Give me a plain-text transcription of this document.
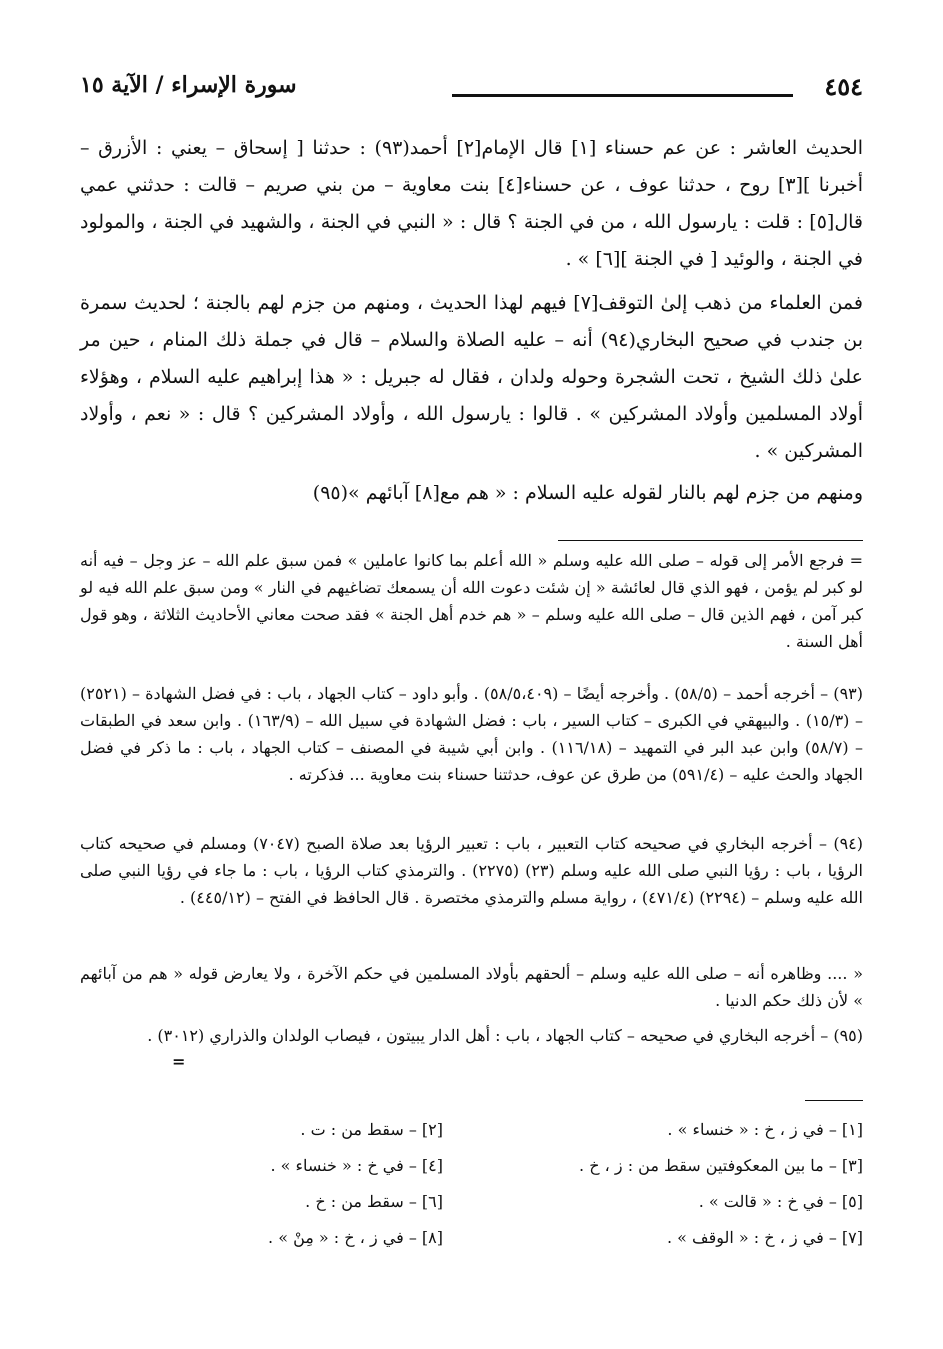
سورة الإسراء / الآية ١٥	٤٥٤

الحديث العاشر : عن عم حسناء [١] قال الإمام[٢] أحمد(٩٣) : حدثنا [ إسحاق – يعني : الأزرق – أخبرنا ][٣] روح ، حدثنا عوف ، عن حسناء[٤] بنت معاوية – من بني صريم – قالت : حدثني عمي قال[٥] : قلت : يارسول الله ، من في الجنة ؟ قال : « النبي في الجنة ، والشهيد في الجنة ، والمولود في الجنة ، والوئيد [ في الجنة ][٦] » .

فمن العلماء من ذهب إلىٰ التوقف[٧] فيهم لهذا الحديث ، ومنهم من جزم لهم بالجنة ؛ لحديث سمرة بن جندب في صحيح البخاري(٩٤) أنه – عليه الصلاة والسلام – قال في جملة ذلك المنام ، حين مر علىٰ ذلك الشيخ ، تحت الشجرة وحوله ولدان ، فقال له جبريل : « هذا إبراهيم عليه السلام ، وهؤلاء أولاد المسلمين وأولاد المشركين » . قالوا : يارسول الله ، وأولاد المشركين ؟ قال : « نعم ، وأولاد المشركين » .

ومنهم من جزم لهم بالنار لقوله عليه السلام : « هم مع[٨] آبائهم »(٩٥)

= فرجع الأمر إلى قوله – صلى الله عليه وسلم « الله أعلم بما كانوا عاملين » فمن سبق علم الله – عز وجل – فيه أنه لو كبر لم يؤمن ، فهو الذي قال لعائشة « إن شئت دعوت الله أن يسمعك تضاغيهم في النار » ومن سبق علم الله فيه لو كبر آمن ، فهم الذين قال – صلى الله عليه وسلم – « هم خدم أهل الجنة » فقد صحت معاني الأحاديث الثلاثة ، وهو قول أهل السنة .

(٩٣) – أخرجه أحمد – (٥٨/٥) . وأخرجه أيضًا – (٥٨/٥،٤٠٩) . وأبو داود – كتاب الجهاد ، باب : في فضل الشهادة – (٢٥٢١) – (١٥/٣) . والبيهقي في الكبرى – كتاب السير ، باب : فضل الشهادة في سبيل الله – (١٦٣/٩) . وابن سعد في الطبقات – (٥٨/٧) وابن عبد البر في التمهيد – (١١٦/١٨) . وابن أبي شيبة في المصنف – كتاب الجهاد ، باب : ما ذكر في فضل الجهاد والحث عليه – (٥٩١/٤) من طرق عن عوف، حدثتنا حسناء بنت معاوية ... فذكرته .

(٩٤) – أخرجه البخاري في صحيحه كتاب التعبير ، باب : تعبير الرؤيا بعد صلاة الصبح (٧٠٤٧) ومسلم في صحيحه كتاب الرؤيا ، باب : رؤيا النبي صلى الله عليه وسلم (٢٣) (٢٢٧٥) . والترمذي كتاب الرؤيا ، باب : ما جاء في رؤيا النبي صلى الله عليه وسلم – (٢٢٩٤) (٤٧١/٤) ، رواية مسلم والترمذي مختصرة . قال الحافظ في الفتح – (٤٤٥/١٢) .

« .... وظاهره أنه – صلى الله عليه وسلم – ألحقهم بأولاد المسلمين في حكم الآخرة ، ولا يعارض قوله « هم من آبائهم » لأن ذلك حكم الدنيا .

(٩٥) – أخرجه البخاري في صحيحه – كتاب الجهاد ، باب : أهل الدار يبيتون ، فيصاب الولدان والذراري (٣٠١٢) .

=
[١] – في ز ، خ : « خنساء » .
[٢] – سقط من : ت .
[٣] – ما بين المعكوفتين سقط من : ز ، خ .
[٤] – في خ : « خنساء » .
[٥] – في خ : « قالت » .
[٦] – سقط من : خ .
[٧] – في ز ، خ : « الوقف » .
[٨] – في ز ، خ : « مِنْ » .
